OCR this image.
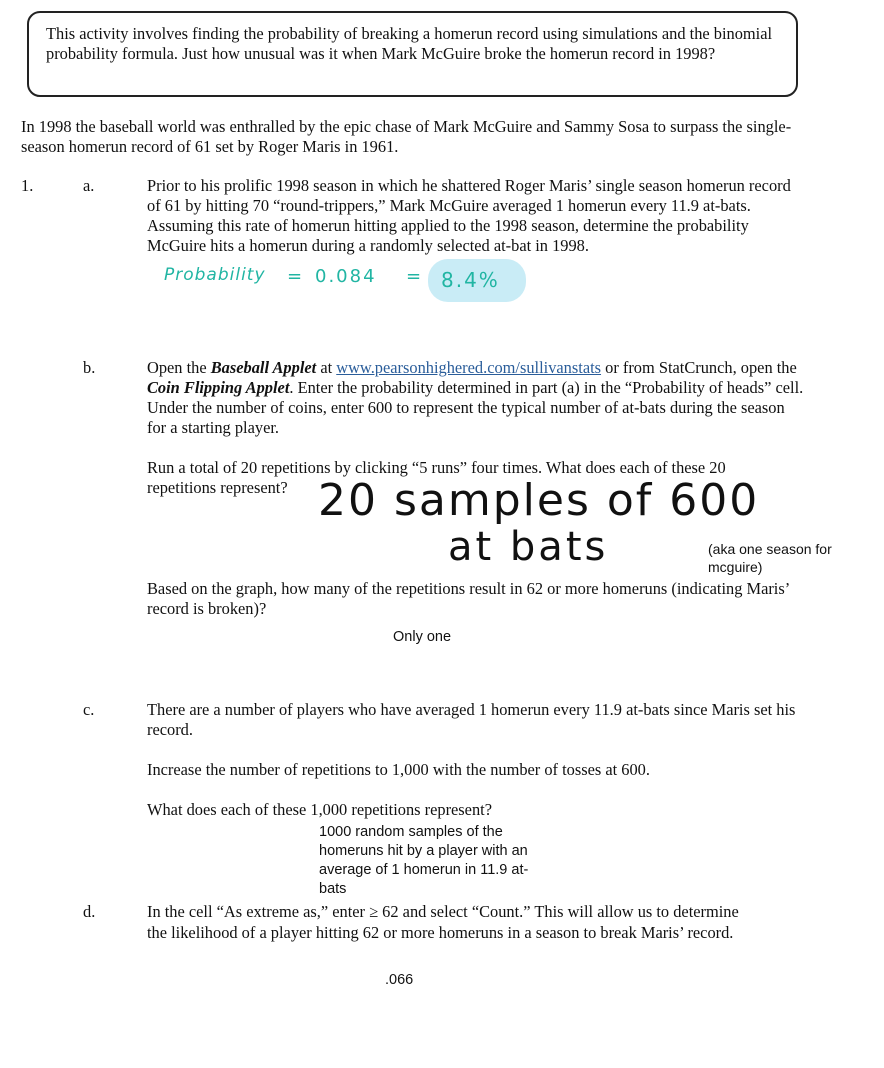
This activity involves finding the probability of breaking a homerun record using simulations and the binomial probability formula. Just how unusual was it when Mark McGuire broke the homerun record in 1998?
In 1998 the baseball world was enthralled by the epic chase of Mark McGuire and Sammy Sosa to surpass the single-season homerun record of 61 set by Roger Maris in 1961.
1.	a.	Prior to his prolific 1998 season in which he shattered Roger Maris’ single season homerun record of 61 by hitting 70 “round-trippers,” Mark McGuire averaged 1 homerun every 11.9 at-bats. Assuming this rate of homerun hitting applied to the 1998 season, determine the probability McGuire hits a homerun during a randomly selected at-bat in 1998.
Probability = 0.084 = 8.4%
b.	Open the Baseball Applet at www.pearsonhighered.com/sullivanstats or from StatCrunch, open the Coin Flipping Applet. Enter the probability determined in part (a) in the “Probability of heads” cell. Under the number of coins, enter 600 to represent the typical number of at-bats during the season for a starting player.
Run a total of 20 repetitions by clicking “5 runs” four times. What does each of these 20
repetitions represent? 20 samples of 600
at bats	(aka one season for
mcguire)
Based on the graph, how many of the repetitions result in 62 or more homeruns (indicating Maris’ record is broken)?
Only one
c.	There are a number of players who have averaged 1 homerun every 11.9 at-bats since Maris set his record.
Increase the number of repetitions to 1,000 with the number of tosses at 600.
What does each of these 1,000 repetitions represent?
1000 random samples of the
homeruns hit by a player with an
average of 1 homerun in 11.9 at-
bats
d.	In the cell “As extreme as,” enter ≥ 62 and select “Count.” This will allow us to determine
the likelihood of a player hitting 62 or more homeruns in a season to break Maris’ record.
.066
